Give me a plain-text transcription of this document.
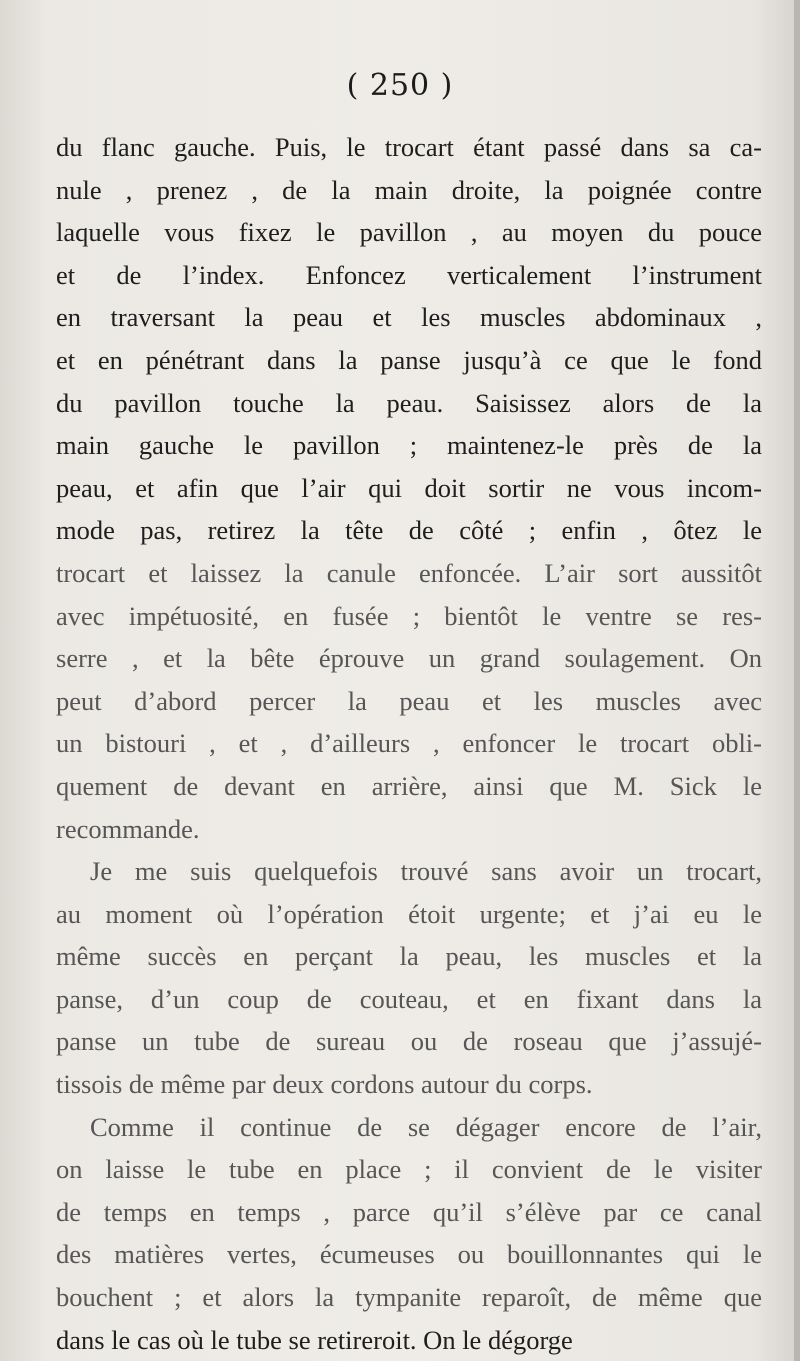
( 250 )
du flanc gauche. Puis, le trocart étant passé dans sa ca-
nule , prenez , de la main droite, la poignée contre
laquelle vous fixez le pavillon , au moyen du pouce
et de l’index. Enfoncez verticalement l’instrument
en traversant la peau et les muscles abdominaux ,
et en pénétrant dans la panse jusqu’à ce que le fond
du pavillon touche la peau. Saisissez alors de la
main gauche le pavillon ; maintenez-le près de la
peau, et afin que l’air qui doit sortir ne vous incom-
mode pas, retirez la tête de côté ; enfin , ôtez le
trocart et laissez la canule enfoncée. L’air sort aussitôt
avec impétuosité, en fusée ; bientôt le ventre se res-
serre , et la bête éprouve un grand soulagement. On
peut d’abord percer la peau et les muscles avec
un bistouri , et , d’ailleurs , enfoncer le trocart obli-
quement de devant en arrière, ainsi que M. Sick le
recommande.
Je me suis quelquefois trouvé sans avoir un trocart,
au moment où l’opération étoit urgente; et j’ai eu le
même succès en perçant la peau, les muscles et la
panse, d’un coup de couteau, et en fixant dans la
panse un tube de sureau ou de roseau que j’assujé-
tissois de même par deux cordons autour du corps.
Comme il continue de se dégager encore de l’air,
on laisse le tube en place ; il convient de le visiter
de temps en temps , parce qu’il s’élève par ce canal
des matières vertes, écumeuses ou bouillonnantes qui le
bouchent ; et alors la tympanite reparoît, de même que
dans le cas où le tube se retireroit. On le dégorge
